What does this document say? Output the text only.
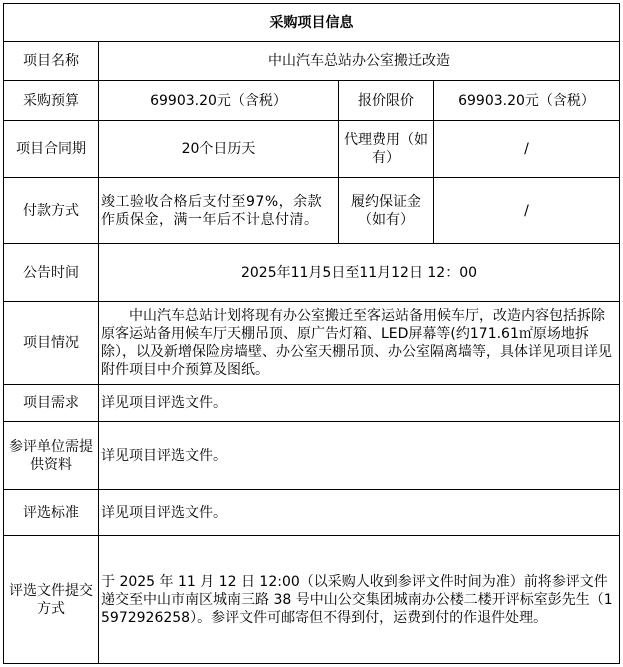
采购项目信息			
项目名称	中山汽车总站办公室搬迁改造		
采购预算	69903.20元（含税）	报价限价	69903.20元（含税）
项目合同期	20个日历天	代理费用（如有）	/
付款方式	竣工验收合格后支付至97%，余款作质保金，满一年后不计息付清。	履约保证金（如有）	/
公告时间	2025年11月5日至11月12日 12：00		
项目情况	中山汽车总站计划将现有办公室搬迁至客运站备用候车厅，改造内容包括拆除原客运站备用候车厅天棚吊顶、原广告灯箱、LED屏幕等(约171.61㎡原场地拆除），以及新增保险房墙壁、办公室天棚吊顶、办公室隔离墙等，具体详见项目详见附件项目中介预算及图纸。		
项目需求	详见项目评选文件。		
参评单位需提供资料	详见项目评选文件。		
评选标准	详见项目评选文件。		
评选文件提交方式	于 2025 年 11 月 12 日 12:00（以采购人收到参评文件时间为准）前将参评文件递交至中山市南区城南三路 38 号中山公交集团城南办公楼二楼开评标室彭先生（15972926258）。参评文件可邮寄但不得到付，运费到付的作退件处理。		
